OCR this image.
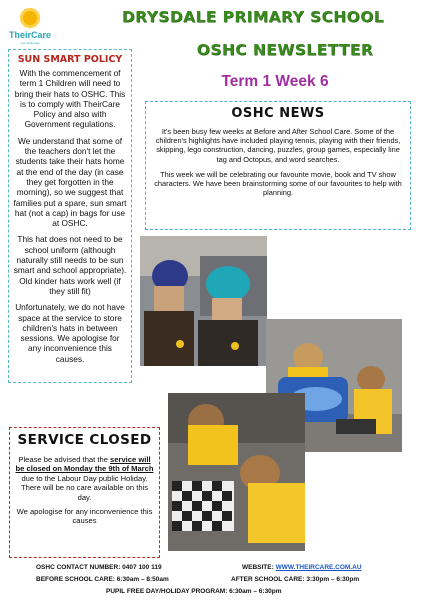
TheirCare
your child care
DRYSDALE PRIMARY SCHOOL
OSHC NEWSLETTER
Term 1 Week 6
SUN SMART POLICY

With the commencement of term 1 Children will need to bring their hats to OSHC. This is to comply with TheirCare Policy and also with Government regulations.

We understand that some of the teachers don't let the students take their hats home at the end of the day (in case they get forgotten in the morning), so we suggest that families put a spare, sun smart hat (not a cap) in bags for use at OSHC.

This hat does not need to be school uniform (although naturally still needs to be sun smart and school appropriate). Old kinder hats work well (if they still fit)

Unfortunately, we do not have space at the service to store children's hats in between sessions. We apologise for any inconvenience this causes.

OSHC NEWS

It's been busy few weeks at Before and After School Care. Some of the children's highlights have included playing tennis, playing with their friends, skipping, lego construction, dancing, puzzles, group games, especially line tag and Octopus, and word searches.

This week we will be celebrating our favourite movie, book and TV show characters. We have been brainstorming some of our favourites to help with planning.

SERVICE CLOSED

Please be advised that the service will be closed on Monday the 9th of March due to the Labour Day public Holiday. There will be no care available on this day.

We apologise for any inconvenience this causes

OSHC CONTACT NUMBER: 0407 100 119	WEBSITE: WWW.THEIRCARE.COM.AU
BEFORE SCHOOL CARE: 6:30am – 8:50am	AFTER SCHOOL CARE: 3:30pm – 6:30pm
PUPIL FREE DAY/HOLIDAY PROGRAM: 6:30am – 6:30pm
